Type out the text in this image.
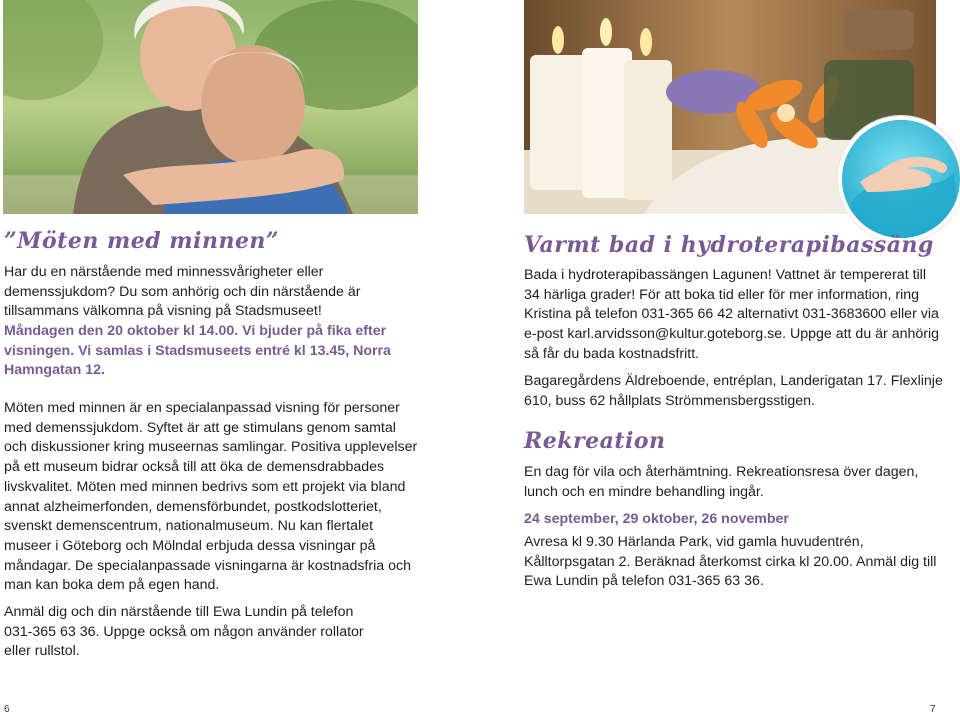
”Möten med minnen”

Har du en närstående med minnessvårigheter eller demenssjukdom? Du som anhörig och din närstående är tillsammans välkomna på visning på Stadsmuseet!

Måndagen den 20 oktober kl 14.00. Vi bjuder på fika efter visningen. Vi samlas i Stadsmuseets entré kl 13.45, Norra Hamngatan 12.

Möten med minnen är en specialanpassad visning för personer med demenssjukdom. Syftet är att ge stimulans genom samtal och diskussioner kring museernas samlingar. Positiva upplevelser på ett museum bidrar också till att öka de demensdrabbades livskvalitet. Möten med minnen bedrivs som ett projekt via bland annat alzheimerfonden, demensförbundet, postkodslotteriet, svenskt demenscentrum, nationalmuseum. Nu kan flertalet museer i Göteborg och Mölndal erbjuda dessa visningar på måndagar. De specialanpassade visningarna är kostnadsfria och man kan boka dem på egen hand.

Anmäl dig och din närstående till Ewa Lundin på telefon 031-365 63 36. Uppge också om någon använder rollator eller rullstol.

6
Varmt bad i hydroterapibassäng

Bada i hydroterapibassängen Lagunen! Vattnet är tempererat till 34 härliga grader! För att boka tid eller för mer information, ring Kristina på telefon 031-365 66 42 alternativt 031-3683600 eller via e-post karl.arvidsson@kultur.goteborg.se. Uppge att du är anhörig så får du bada kostnadsfritt.

Bagaregårdens Äldreboende, entréplan, Landerigatan 17. Flexlinje 610, buss 62 hållplats Strömmensbergsstigen.

Rekreation

En dag för vila och återhämtning. Rekreationsresa över dagen, lunch och en mindre behandling ingår.

24 september, 29 oktober, 26 november

Avresa kl 9.30 Härlanda Park, vid gamla huvudentrén, Kålltorpsgatan 2. Beräknad återkomst cirka kl 20.00. Anmäl dig till Ewa Lundin på telefon 031-365 63 36.

7
